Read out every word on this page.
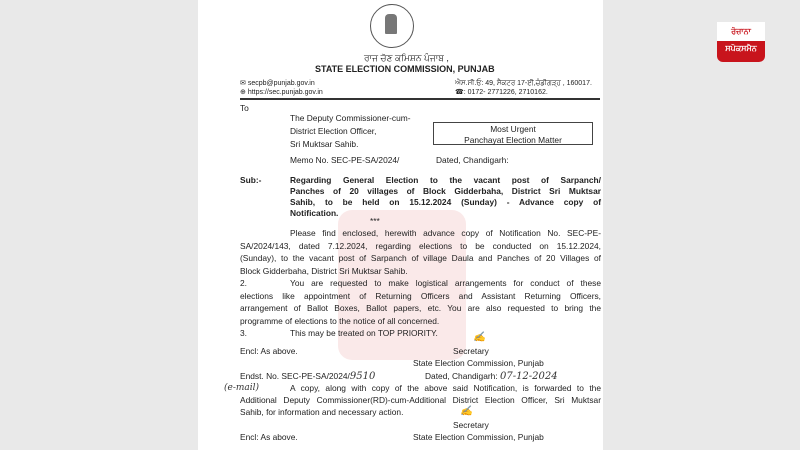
ਰੋਜ਼ਾਨਾ
ਸਪੋਕਸਮੈਨ
ਰਾਜ ਚੋਣ ਕਮਿਸ਼ਨ ਪੰਜਾਬ ,
STATE ELECTION COMMISSION, PUNJAB
✉ secpb@punjab.gov.in
⊕ https://sec.punjab.gov.in
ਐਸ.ਸੀ.ਓ: 49, ਸੈਕਟਰ 17-ਈ,ਚੰਡੀਗੜ੍ਹ , 160017.
☎: 0172- 2771226, 2710162.
To
The Deputy Commissioner-cum-
District Election Officer,
Sri Muktsar Sahib.
Most Urgent
Panchayat Election Matter
Memo No. SEC-PE-SA/2024/	Dated, Chandigarh:
Sub:-	Regarding General Election to the vacant post of Sarpanch/
Panches of 20 villages of Block Gidderbaha, District Sri Muktsar
Sahib, to be held on 15.12.2024 (Sunday) - Advance copy of
Notification.
***
Please find enclosed, herewith advance copy of Notification No. SEC-PE-
SA/2024/143, dated 7.12.2024, regarding elections to be conducted on 15.12.2024,
(Sunday), to the vacant post of Sarpanch of village Daula and Panches of 20 Villages of
Block Gidderbaha, District Sri Muktsar Sahib.
2.	You are requested to make logistical arrangements for conduct of these
elections like appointment of Returning Officers and Assistant Returning Officers,
arrangement of Ballot Boxes, Ballot papers, etc. You are also requested to bring the
programme of elections to the notice of all concerned.
3.	This may be treated on TOP PRIORITY.	✍
Encl: As above.	Secretary
State Election Commission, Punjab
Endst. No. SEC-PE-SA/2024/9510	Dated, Chandigarh: 07-12-2024
(e-mail)	A copy, along with copy of the above said Notification, is forwarded to the
Additional Deputy Commissioner(RD)-cum-Additional District Election Officer, Sri Muktsar
Sahib, for information and necessary action.	✍
Secretary
Encl: As above.	State Election Commission, Punjab
